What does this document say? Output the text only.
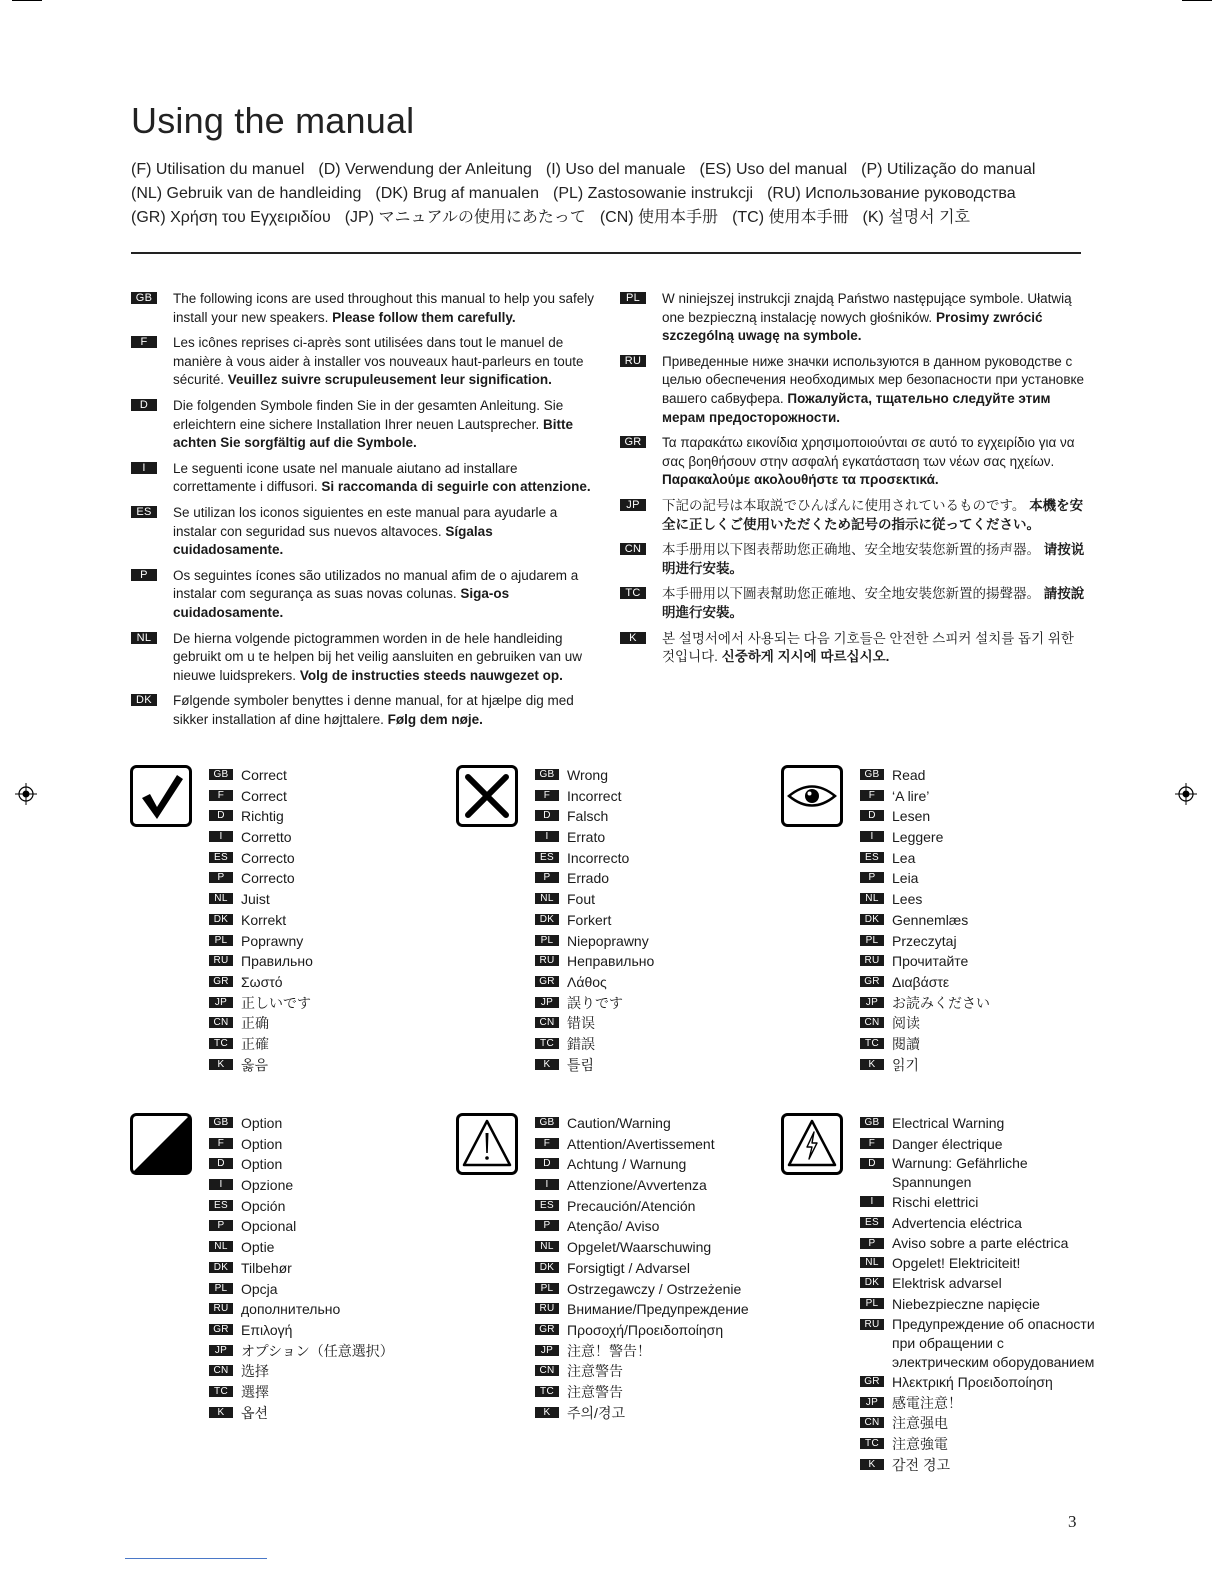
Using the manual
(F) Utilisation du manuel (D) Verwendung der Anleitung (I) Uso del manuale (ES) Uso del manual (P) Utilização do manual
(NL) Gebruik van de handleiding (DK) Brug af manualen (PL) Zastosowanie instrukcji (RU) Использование руководства
(GR) Χρήση του Εγχειριδίου (JP) マニュアルの使用にあたって (CN) 使用本手册 (TC) 使用本手冊 (K) 설명서 기호
GB	The following icons are used throughout this manual to help you safely install your new speakers. Please follow them carefully.
F	Les icônes reprises ci-après sont utilisées dans tout le manuel de manière à vous aider à installer vos nouveaux haut-parleurs en toute sécurité. Veuillez suivre scrupuleusement leur signification.
D	Die folgenden Symbole finden Sie in der gesamten Anleitung. Sie erleichtern eine sichere Installation Ihrer neuen Lautsprecher. Bitte achten Sie sorgfältig auf die Symbole.
I	Le seguenti icone usate nel manuale aiutano ad installare correttamente i diffusori. Si raccomanda di seguirle con attenzione.
ES	Se utilizan los iconos siguientes en este manual para ayudarle a instalar con seguridad sus nuevos altavoces. Sígalas cuidadosamente.
P	Os seguintes ícones são utilizados no manual afim de o ajudarem a instalar com segurança as suas novas colunas. Siga-os cuidadosamente.
NL	De hierna volgende pictogrammen worden in de hele handleiding gebruikt om u te helpen bij het veilig aansluiten en gebruiken van uw nieuwe luidsprekers. Volg de instructies steeds nauwgezet op.
DK	Følgende symboler benyttes i denne manual, for at hjælpe dig med sikker installation af dine højttalere. Følg dem nøje.
PL	W niniejszej instrukcji znajdą Państwo następujące symbole. Ułatwią one bezpieczną instalację nowych głośników. Prosimy zwrócić szczególną uwagę na symbole.
RU	Приведенные ниже значки используются в данном руководстве с целью обеспечения необходимых мер безопасности при установке вашего сабвуфера. Пожалуйста, тщательно следуйте этим мерам предосторожности.
GR	Τα παρακάτω εικονίδια χρησιμοποιούνται σε αυτό το εγχειρίδιο για να σας βοηθήσουν στην ασφαλή εγκατάσταση των νέων σας ηχείων. Παρακαλούμε ακολουθήστε τα προσεκτικά.
JP	下記の記号は本取説でひんぱんに使用されているものです。 本機を安全に正しくご使用いただくため記号の指示に従ってください。
CN	本手册用以下图表帮助您正确地、安全地安装您新置的扬声器。 请按说明进行安装。
TC	本手冊用以下圖表幫助您正確地、安全地安裝您新置的揚聲器。 請按說明進行安裝。
K	본 설명서에서 사용되는 다음 기호들은 안전한 스피커 설치를 돕기 위한 것입니다. 신중하게 지시에 따르십시오.
GB Correct
F	Correct
D	Richtig
I	Corretto
ES Correcto
P	Correcto
NL Juist
DK Korrekt
PL Poprawny
RU Правильно
GR Σωστό
JP 正しいです
CN 正确
TC 正確
K	옳음
GB Wrong
F	Incorrect
D	Falsch
I	Errato
ES Incorrecto
P	Errado
NL Fout
DK Forkert
PL Niepoprawny
RU Неправильно
GR Λάθος
JP 誤りです
CN 错误
TC 錯誤
K	틀림
GB Read
F	‘A lire’
D	Lesen
I	Leggere
ES Lea
P	Leia
NL Lees
DK Gennemlæs
PL Przeczytaj
RU Прочитайте
GR Διαβάστε
JP お読みください
CN 阅读
TC 閱讀
K	읽기
GB Option
F	Option
D	Option
I	Opzione
ES Opción
P	Opcional
NL Optie
DK Tilbehør
PL Opcja
RU дополнительно
GR Επιλογή
JP オプション（任意選択）
CN 选择
TC 選擇
K	옵션
GB Caution/Warning
F	Attention/Avertissement
D	Achtung / Warnung
I	Attenzione/Avvertenza
ES Precaución/Atención
P	Atenção/ Aviso
NL Opgelet/Waarschuwing
DK Forsigtigt / Advarsel
PL Ostrzegawczy / Ostrzeżenie
RU Внимание/Предупреждение
GR Προσοχή/Προειδοποίηση
JP 注意！警告！
CN 注意警告
TC 注意警告
K	주의/경고
GB Electrical Warning
F	Danger électrique
D	Warnung: Gefährliche Spannungen
I	Rischi elettrici
ES Advertencia eléctrica
P	Aviso sobre a parte eléctrica
NL Opgelet! Elektriciteit!
DK Elektrisk advarsel
PL Niebezpieczne napięcie
RU Предупреждение об опасности при обращении с электрическим оборудованием
GR Ηλεκτρική Προειδοποίηση
JP 感電注意！
CN 注意强电
TC 注意強電
K	감전 경고
3
